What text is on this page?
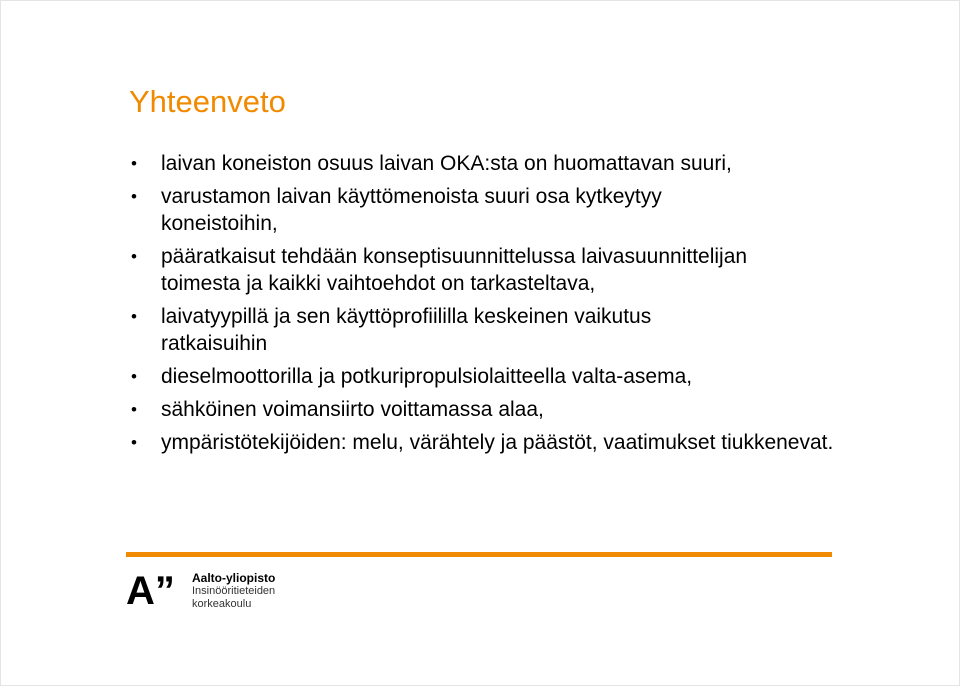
Yhteenveto
• laivan koneiston osuus laivan OKA:sta on huomattavan suuri,
• varustamon laivan käyttömenoista suuri osa kytkeytyy koneistoihin,
• pääratkaisut tehdään konseptisuunnittelussa laivasuunnittelijan toimesta ja kaikki vaihtoehdot on tarkasteltava,
• laivatyypillä ja sen käyttöprofiililla keskeinen vaikutus ratkaisuihin
• dieselmoottorilla ja potkuripropulsiolaitteella valta-asema,
• sähköinen voimansiirto voittamassa alaa,
• ympäristötekijöiden: melu, värähtely ja päästöt, vaatimukset tiukkenevat.
A” Aalto-yliopisto
Insinööritieteiden
korkeakoulu
